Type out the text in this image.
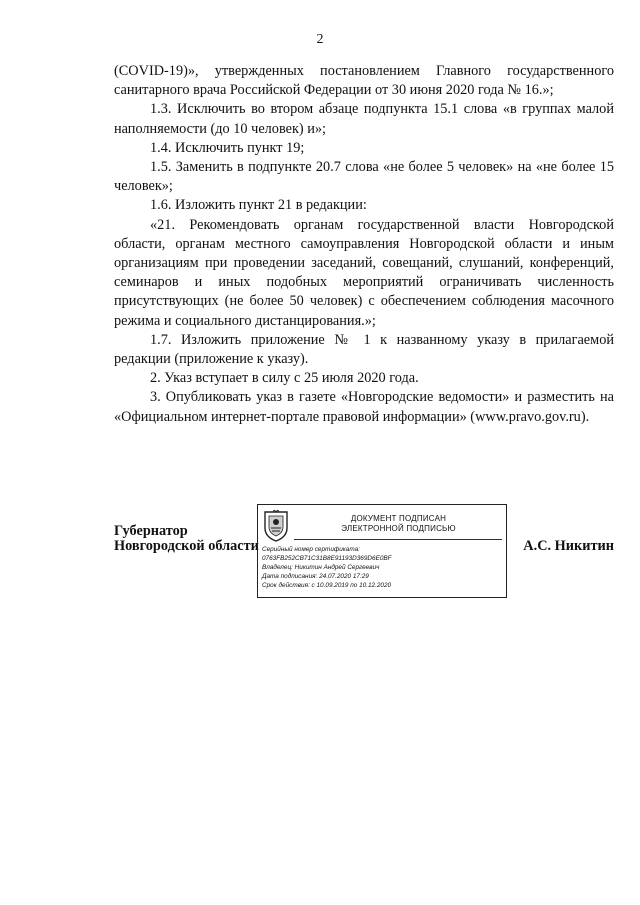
2

(COVID-19)», утвержденных постановлением Главного государственного санитарного врача Российской Федерации от 30 июня 2020 года № 16.»;

1.3. Исключить во втором абзаце подпункта 15.1 слова «в группах малой наполняемости (до 10 человек) и»;

1.4. Исключить пункт 19;

1.5. Заменить в подпункте 20.7 слова «не более 5 человек» на «не более 15 человек»;

1.6. Изложить пункт 21 в редакции:

«21. Рекомендовать органам государственной власти Новгородской области, органам местного самоуправления Новгородской области и иным организациям при проведении заседаний, совещаний, слушаний, конференций, семинаров и иных подобных мероприятий ограничивать численность присутствующих (не более 50 человек) с обеспечением соблюдения масочного режима и социального дистанцирования.»;

1.7. Изложить приложение № 1 к названному указу в прилагаемой редакции (приложение к указу).

2. Указ вступает в силу с 25 июля 2020 года.

3. Опубликовать указ в газете «Новгородские ведомости» и разместить на «Официальном интернет-портале правовой информации» (www.pravo.gov.ru).

Губернатор
Новгородской области
ДОКУМЕНТ ПОДПИСАН
ЭЛЕКТРОННОЙ ПОДПИСЬЮ
Серийный номер сертификата:
0763FB252CB71C31B8E91193D369D6E0BF
Владелец: Никитин Андрей Сергеевич
Дата подписания: 24.07.2020 17:29
Срок действия: с 10.09.2019 по 10.12.2020
А.С. Никитин
